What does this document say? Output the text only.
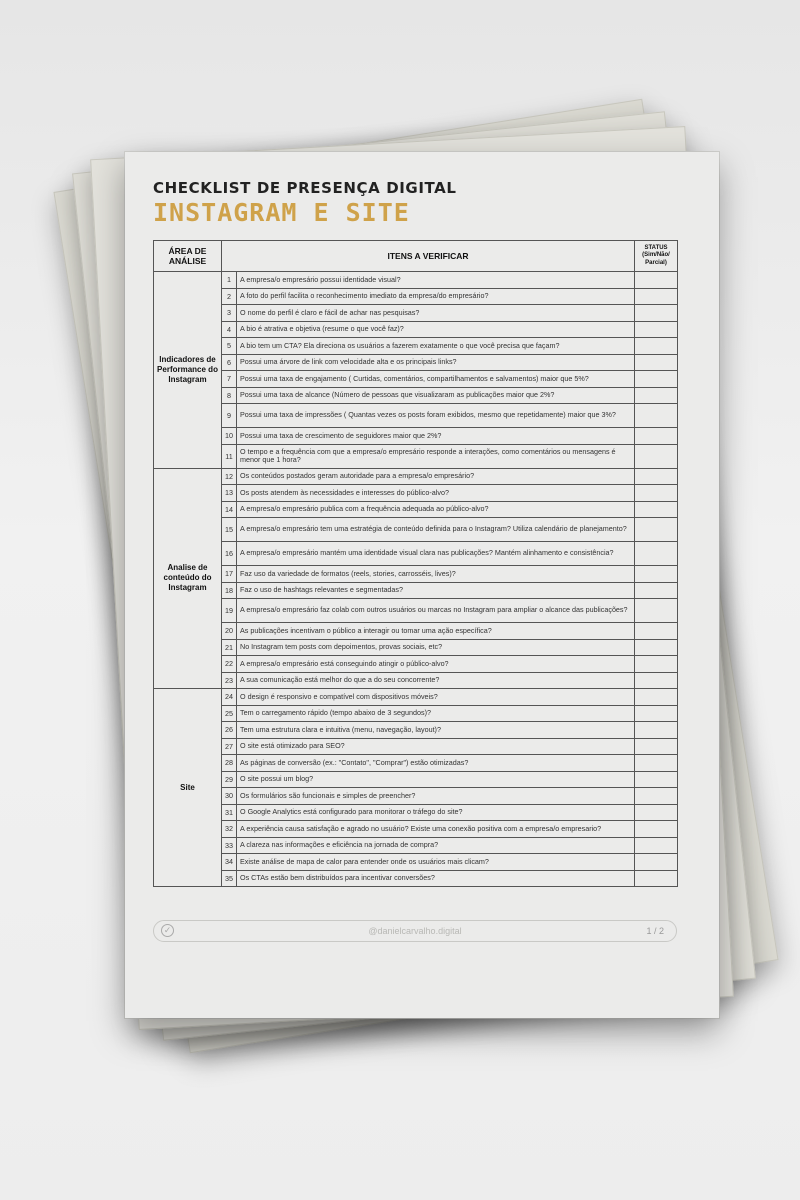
CHECKLIST DE PRESENÇA DIGITAL
INSTAGRAM E SITE
ÁREA DE ANÁLISE	ITENS A VERIFICAR		STATUS (Sim/Não/ Parcial)
Indicadores de Performance do Instagram	1	A empresa/o empresário possui identidade visual?	
	2	A foto do perfil facilita o reconhecimento imediato da empresa/do empresário?	
	3	O nome do perfil é claro e fácil de achar nas pesquisas?	
	4	A bio é atrativa e objetiva (resume o que você faz)?	
	5	A bio tem um CTA? Ela direciona os usuários a fazerem exatamente o que você precisa que façam?	
	6	Possui uma árvore de link com velocidade alta e os principais links?	
	7	Possui uma taxa de engajamento ( Curtidas, comentários, compartilhamentos e salvamentos) maior que 5%?	
	8	Possui uma taxa de alcance (Número de pessoas que visualizaram as publicações maior que 2%?	
	9	Possui uma taxa de impressões ( Quantas vezes os posts foram exibidos, mesmo que repetidamente) maior que 3%?	
	10	Possui uma taxa de crescimento de seguidores maior que 2%?	
	11	O tempo e a frequência com que a empresa/o empresário responde a interações, como comentários ou mensagens é menor que 1 hora?	
Analise de conteúdo do Instagram	12	Os conteúdos postados geram autoridade para a empresa/o empresário?	
	13	Os posts atendem às necessidades e interesses do público-alvo?	
	14	A empresa/o empresário publica com a frequência adequada ao público-alvo?	
	15	A empresa/o empresário tem uma estratégia de conteúdo definida para o Instagram? Utiliza calendário de planejamento?	
	16	A empresa/o empresário mantém uma identidade visual clara nas publicações? Mantém alinhamento e consistência?	
	17	Faz uso da variedade de formatos (reels, stories, carrosséis, lives)?	
	18	Faz o uso de hashtags relevantes e segmentadas?	
	19	A empresa/o empresário faz colab com outros usuários ou marcas no Instagram para ampliar o alcance das publicações?	
	20	As publicações incentivam o público a interagir ou tomar uma ação específica?	
	21	No Instagram tem posts com depoimentos, provas sociais, etc?	
	22	A empresa/o empresário está conseguindo atingir o público-alvo?	
	23	A sua comunicação está melhor do que a do seu concorrente?	
Site	24	O design é responsivo e compatível com dispositivos móveis?	
	25	Tem o carregamento rápido (tempo abaixo de 3 segundos)?	
	26	Tem uma estrutura clara e intuitiva (menu, navegação, layout)?	
	27	O site está otimizado para SEO?	
	28	As páginas de conversão (ex.: "Contato", "Comprar") estão otimizadas?	
	29	O site possui um blog?	
	30	Os formulários são funcionais e simples de preencher?	
	31	O Google Analytics está configurado para monitorar o tráfego do site?	
	32	A experiência causa satisfação e agrado no usuário? Existe uma conexão positiva com a empresa/o empresario?	
	33	A clareza nas informações e eficiência na jornada de compra?	
	34	Existe análise de mapa de calor para entender onde os usuários mais clicam?	
	35	Os CTAs estão bem distribuídos para incentivar conversões?	
✓	@danielcarvalho.digital	1 / 2
